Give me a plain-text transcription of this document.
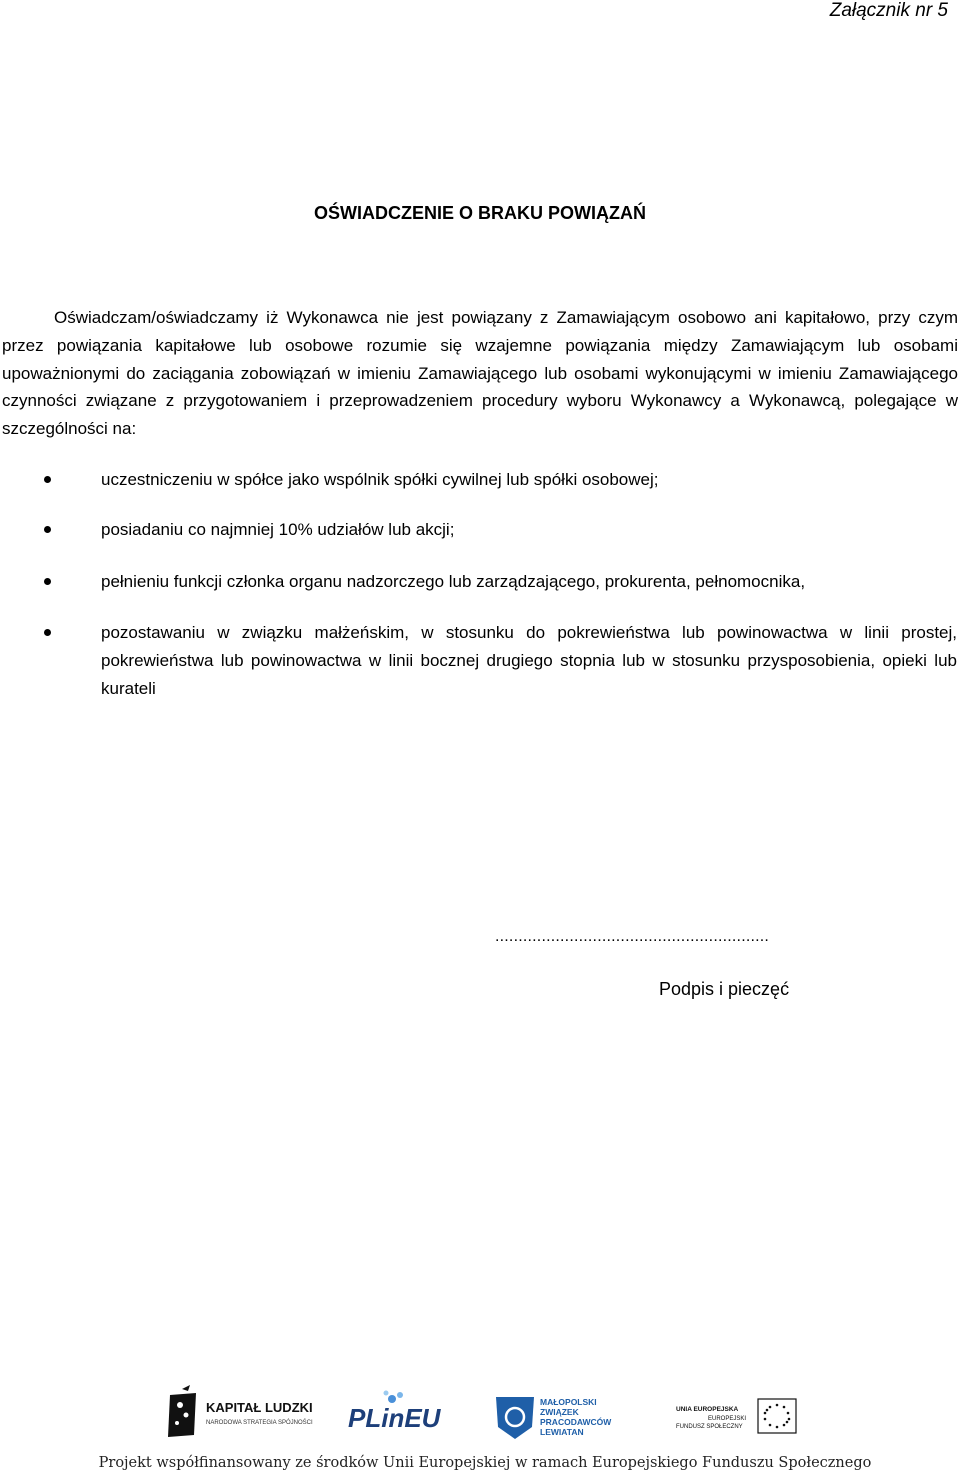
Załącznik nr 5
OŚWIADCZENIE O BRAKU POWIĄZAŃ

Oświadczam/oświadczamy iż Wykonawca nie jest powiązany z Zamawiającym osobowo ani kapitałowo, przy czym przez powiązania kapitałowe lub osobowe rozumie się wzajemne powiązania między Zamawiającym lub osobami upoważnionymi do zaciągania zobowiązań w imieniu Zamawiającego lub osobami wykonującymi w imieniu Zamawiającego czynności związane z przygotowaniem i przeprowadzeniem procedury wyboru Wykonawcy a Wykonawcą, polegające w szczególności na:

uczestniczeniu w spółce jako wspólnik spółki cywilnej lub spółki osobowej;

posiadaniu co najmniej 10% udziałów lub akcji;

pełnieniu funkcji członka organu nadzorczego lub zarządzającego, prokurenta, pełnomocnika,

pozostawaniu w związku małżeńskim, w stosunku do pokrewieństwa lub powinowactwa w linii prostej, pokrewieństwa lub powinowactwa w linii bocznej drugiego stopnia lub w stosunku przysposobienia, opieki lub kurateli

...........................................................
Podpis i pieczęć
KAPITAŁ LUDZKI
NARODOWA STRATEGIA SPÓJNOŚCI PLinEU
MAŁOPOLSKI
ZWIĄZEK
PRACODAWCÓW
LEWIATAN
UNIA EUROPEJSKA
EUROPEJSKI
FUNDUSZ SPOŁECZNY
Projekt współfinansowany ze środków Unii Europejskiej w ramach Europejskiego Funduszu Społecznego
